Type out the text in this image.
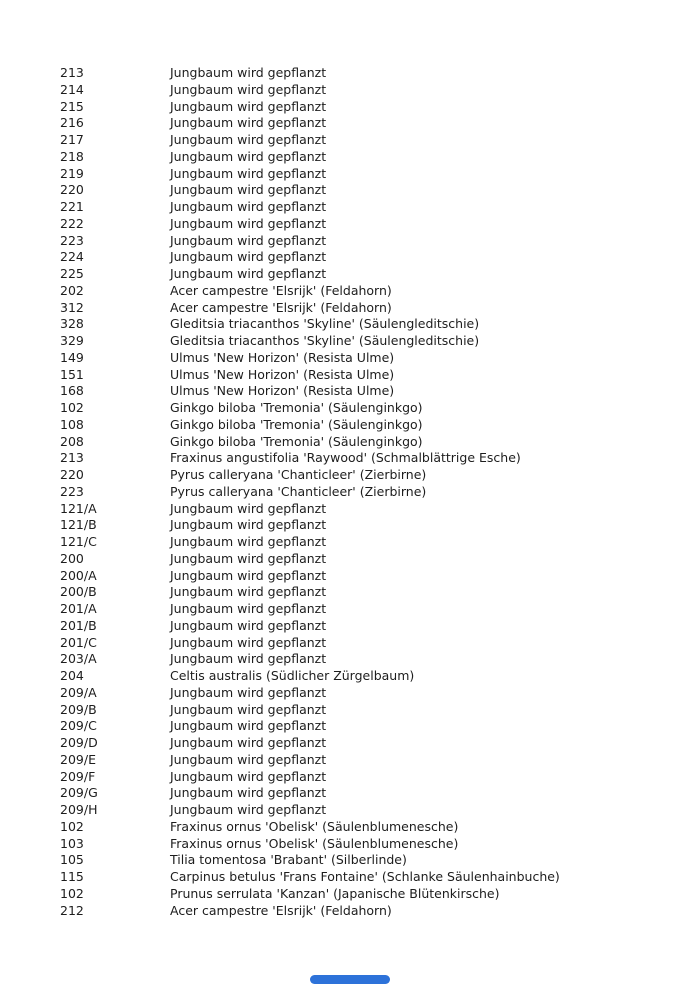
213	Jungbaum wird gepflanzt
214	Jungbaum wird gepflanzt
215	Jungbaum wird gepflanzt
216	Jungbaum wird gepflanzt
217	Jungbaum wird gepflanzt
218	Jungbaum wird gepflanzt
219	Jungbaum wird gepflanzt
220	Jungbaum wird gepflanzt
221	Jungbaum wird gepflanzt
222	Jungbaum wird gepflanzt
223	Jungbaum wird gepflanzt
224	Jungbaum wird gepflanzt
225	Jungbaum wird gepflanzt
202	Acer campestre 'Elsrijk' (Feldahorn)
312	Acer campestre 'Elsrijk' (Feldahorn)
328	Gleditsia triacanthos 'Skyline' (Säulengleditschie)
329	Gleditsia triacanthos 'Skyline' (Säulengleditschie)
149	Ulmus 'New Horizon' (Resista Ulme)
151	Ulmus 'New Horizon' (Resista Ulme)
168	Ulmus 'New Horizon' (Resista Ulme)
102	Ginkgo biloba 'Tremonia' (Säulenginkgo)
108	Ginkgo biloba 'Tremonia' (Säulenginkgo)
208	Ginkgo biloba 'Tremonia' (Säulenginkgo)
213	Fraxinus angustifolia 'Raywood' (Schmalblättrige Esche)
220	Pyrus calleryana 'Chanticleer' (Zierbirne)
223	Pyrus calleryana 'Chanticleer' (Zierbirne)
121/A	Jungbaum wird gepflanzt
121/B	Jungbaum wird gepflanzt
121/C	Jungbaum wird gepflanzt
200	Jungbaum wird gepflanzt
200/A	Jungbaum wird gepflanzt
200/B	Jungbaum wird gepflanzt
201/A	Jungbaum wird gepflanzt
201/B	Jungbaum wird gepflanzt
201/C	Jungbaum wird gepflanzt
203/A	Jungbaum wird gepflanzt
204	Celtis australis (Südlicher Zürgelbaum)
209/A	Jungbaum wird gepflanzt
209/B	Jungbaum wird gepflanzt
209/C	Jungbaum wird gepflanzt
209/D	Jungbaum wird gepflanzt
209/E	Jungbaum wird gepflanzt
209/F	Jungbaum wird gepflanzt
209/G	Jungbaum wird gepflanzt
209/H	Jungbaum wird gepflanzt
102	Fraxinus ornus 'Obelisk' (Säulenblumenesche)
103	Fraxinus ornus 'Obelisk' (Säulenblumenesche)
105	Tilia tomentosa 'Brabant' (Silberlinde)
115	Carpinus betulus 'Frans Fontaine' (Schlanke Säulenhainbuche)
102	Prunus serrulata 'Kanzan' (Japanische Blütenkirsche)
212	Acer campestre 'Elsrijk' (Feldahorn)
